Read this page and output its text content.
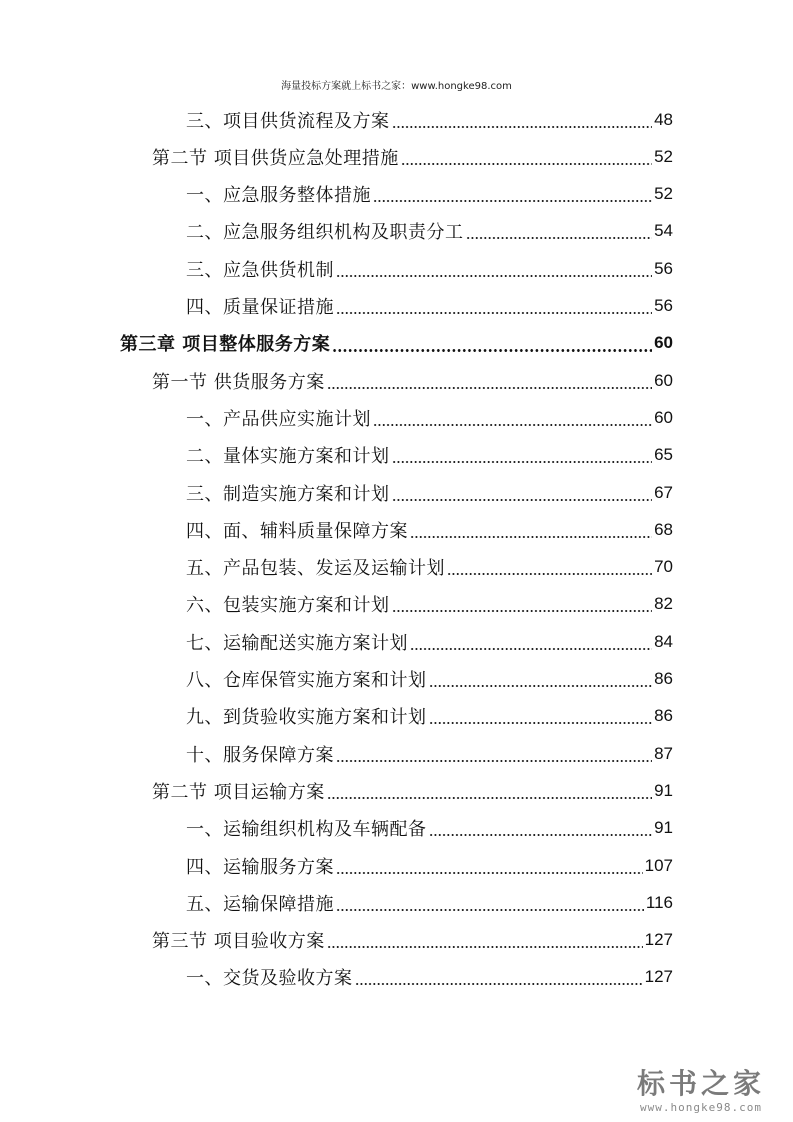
海量投标方案就上标书之家：www.hongke98.com
三、项目供货流程及方案	48
第二节 项目供货应急处理措施	52
一、应急服务整体措施	52
二、应急服务组织机构及职责分工	54
三、应急供货机制	56
四、质量保证措施	56
第三章 项目整体服务方案	60
第一节 供货服务方案	60
一、产品供应实施计划	60
二、量体实施方案和计划	65
三、制造实施方案和计划	67
四、面、辅料质量保障方案	68
五、产品包装、发运及运输计划	70
六、包装实施方案和计划	82
七、运输配送实施方案计划	84
八、仓库保管实施方案和计划	86
九、到货验收实施方案和计划	86
十、服务保障方案	87
第二节 项目运输方案	91
一、运输组织机构及车辆配备	91
四、运输服务方案	107
五、运输保障措施	116
第三节 项目验收方案	127
一、交货及验收方案	127
标书之家
www.hongke98.com
